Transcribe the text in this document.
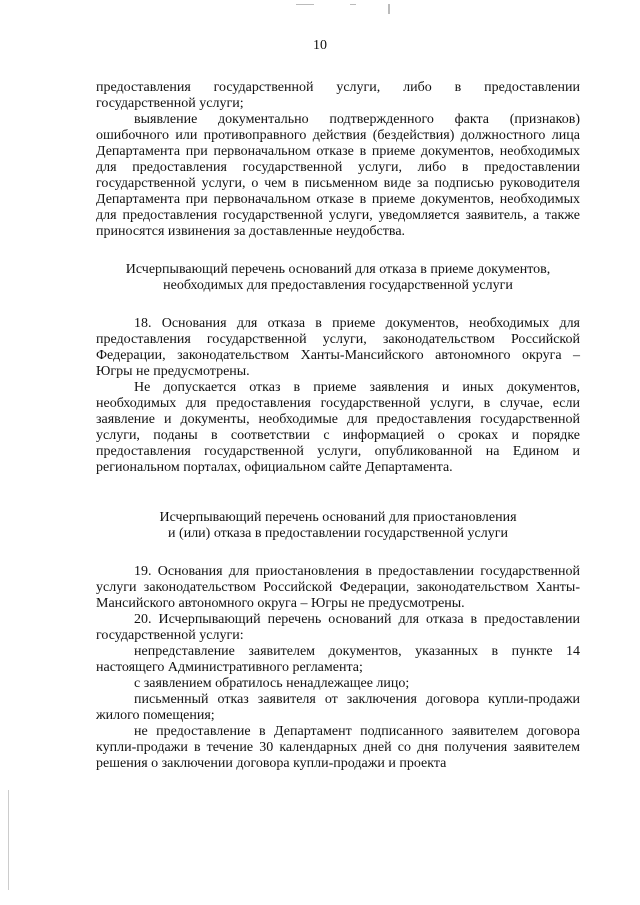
10

предоставления государственной услуги, либо в предоставлении государственной услуги;

выявление документально подтвержденного факта (признаков) ошибочного или противоправного действия (бездействия) должностного лица Департамента при первоначальном отказе в приеме документов, необходимых для предоставления государственной услуги, либо в предоставлении государственной услуги, о чем в письменном виде за подписью руководителя Департамента при первоначальном отказе в приеме документов, необходимых для предоставления государственной услуги, уведомляется заявитель, а также приносятся извинения за доставленные неудобства.

Исчерпывающий перечень оснований для отказа в приеме документов,
необходимых для предоставления государственной услуги

18. Основания для отказа в приеме документов, необходимых для предоставления государственной услуги, законодательством Российской Федерации, законодательством Ханты-Мансийского автономного округа – Югры не предусмотрены.

Не допускается отказ в приеме заявления и иных документов, необходимых для предоставления государственной услуги, в случае, если заявление и документы, необходимые для предоставления государственной услуги, поданы в соответствии с информацией о сроках и порядке предоставления государственной услуги, опубликованной на Едином и региональном порталах, официальном сайте Департамента.

Исчерпывающий перечень оснований для приостановления
и (или) отказа в предоставлении государственной услуги

19. Основания для приостановления в предоставлении государственной услуги законодательством Российской Федерации, законодательством Ханты-Мансийского автономного округа – Югры не предусмотрены.

20. Исчерпывающий перечень оснований для отказа в предоставлении государственной услуги:

непредставление заявителем документов, указанных в пункте 14 настоящего Административного регламента;

с заявлением обратилось ненадлежащее лицо;

письменный отказ заявителя от заключения договора купли-продажи жилого помещения;

не предоставление в Департамент подписанного заявителем договора купли-продажи в течение 30 календарных дней со дня получения заявителем решения о заключении договора купли-продажи и проекта
